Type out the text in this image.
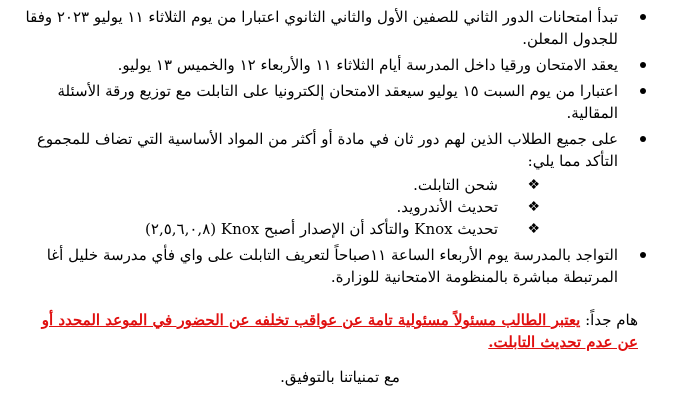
تبدأ امتحانات الدور الثاني للصفين الأول والثاني الثانوي اعتبارا من يوم الثلاثاء ١١ يوليو ٢٠٢٣ وفقا للجدول المعلن.
يعقد الامتحان ورقيا داخل المدرسة أيام الثلاثاء ١١ والأربعاء ١٢ والخميس ١٣ يوليو.
اعتبارا من يوم السبت ١٥ يوليو سيعقد الامتحان إلكترونيا على التابلت مع توزيع ورقة الأسئلة المقالية.
على جميع الطلاب الذين لهم دور ثان في مادة أو أكثر من المواد الأساسية التي تضاف للمجموع التأكد مما يلي:
❖
شحن التابلت.
❖
تحديث الأندرويد.
❖
تحديث Knox والتأكد أن الإصدار أصبح Knox (٢,٥,٦,٠,٨)
التواجد بالمدرسة يوم الأربعاء الساعة ١١صباحاً لتعريف التابلت على واي فأي مدرسة خليل أغا المرتبطة مباشرة بالمنظومة الامتحانية للوزارة.

هام جداً: يعتبر الطالب مسئولاً مسئولية تامة عن عواقب تخلفه عن الحضور في الموعد المحدد أو عن عدم تحديث التابلت.

مع تمنياتنا بالتوفيق.
